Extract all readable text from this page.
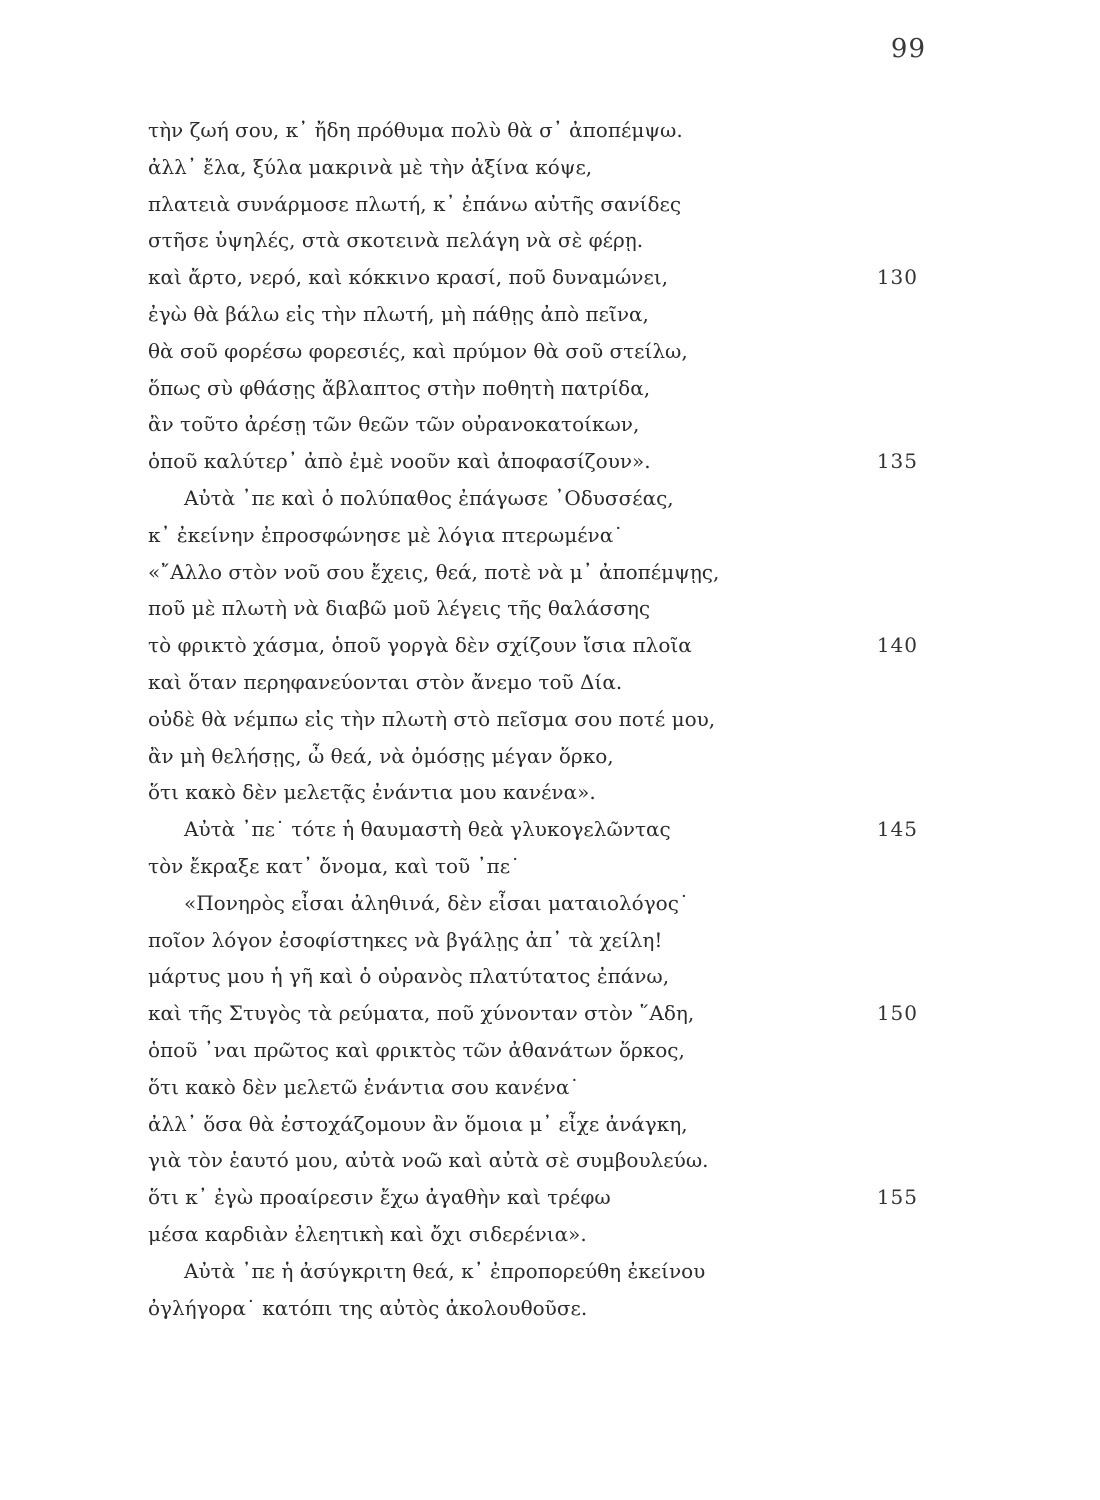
99
τὴν ζωή σου, κ᾽ ἤδη πρόθυμα πολὺ θὰ σ᾽ ἀποπέμψω.
ἀλλ᾽ ἔλα, ξύλα μακρινὰ μὲ τὴν ἀξίνα κόψε,
πλατειὰ συνάρμοσε πλωτή, κ᾽ ἐπάνω αὐτῆς σανίδες
στῆσε ὑψηλές, στὰ σκοτεινὰ πελάγη νὰ σὲ φέρῃ.
καὶ ἄρτο, νερό, καὶ κόκκινο κρασί, ποῦ δυναμώνει,	130
ἐγὼ θὰ βάλω εἰς τὴν πλωτή, μὴ πάθῃς ἀπὸ πεῖνα,
θὰ σοῦ φορέσω φορεσιές, καὶ πρύμον θὰ σοῦ στείλω,
ὅπως σὺ φθάσῃς ἄβλαπτος στὴν ποθητὴ πατρίδα,
ἂν τοῦτο ἀρέσῃ τῶν θεῶν τῶν οὐρανοκατοίκων,
ὁποῦ καλύτερ᾽ ἀπὸ ἐμὲ νοοῦν καὶ ἀποφασίζουν».	135
Αὐτὰ ᾽πε καὶ ὁ πολύπαθος ἐπάγωσε ᾽Οδυσσέας,
κ᾽ ἐκείνην ἐπροσφώνησε μὲ λόγια πτερωμένα˙
«῎Αλλο στὸν νοῦ σου ἔχεις, θεά, ποτὲ νὰ μ᾽ ἀποπέμψῃς,
ποῦ μὲ πλωτὴ νὰ διαβῶ μοῦ λέγεις τῆς θαλάσσης
τὸ φρικτὸ χάσμα, ὁποῦ γοργὰ δὲν σχίζουν ἴσια πλοῖα	140
καὶ ὅταν περηφανεύονται στὸν ἄνεμο τοῦ Δία.
οὐδὲ θὰ νέμπω εἰς τὴν πλωτὴ στὸ πεῖσμα σου ποτέ μου,
ἂν μὴ θελήσῃς, ὦ θεά, νὰ ὀμόσῃς μέγαν ὅρκο,
ὅτι κακὸ δὲν μελετᾷς ἐνάντια μου κανένα».
Αὐτὰ ᾽πε˙ τότε ἡ θαυμαστὴ θεὰ γλυκογελῶντας	145
τὸν ἔκραξε κατ᾽ ὄνομα, καὶ τοῦ ᾽πε˙
«Πονηρὸς εἶσαι ἀληθινά, δὲν εἶσαι ματαιολόγος˙
ποῖον λόγον ἐσοφίστηκες νὰ βγάλῃς ἀπ᾽ τὰ χείλη!
μάρτυς μου ἡ γῆ καὶ ὁ οὐρανὸς πλατύτατος ἐπάνω,
καὶ τῆς Στυγὸς τὰ ρεύματα, ποῦ χύνονταν στὸν ῞Αδη,	150
ὁποῦ ᾽ναι πρῶτος καὶ φρικτὸς τῶν ἀθανάτων ὅρκος,
ὅτι κακὸ δὲν μελετῶ ἐνάντια σου κανένα˙
ἀλλ᾽ ὅσα θὰ ἐστοχάζομουν ἂν ὅμοια μ᾽ εἶχε ἀνάγκη,
γιὰ τὸν ἑαυτό μου, αὐτὰ νοῶ καὶ αὐτὰ σὲ συμβουλεύω.
ὅτι κ᾽ ἐγὼ προαίρεσιν ἔχω ἀγαθὴν καὶ τρέφω	155
μέσα καρδιὰν ἐλεητικὴ καὶ ὄχι σιδερένια».
Αὐτὰ ᾽πε ἡ ἀσύγκριτη θεά, κ᾽ ἐπροπορεύθη ἐκείνου
ὀγλήγορα˙ κατόπι της αὐτὸς ἀκολουθοῦσε.
